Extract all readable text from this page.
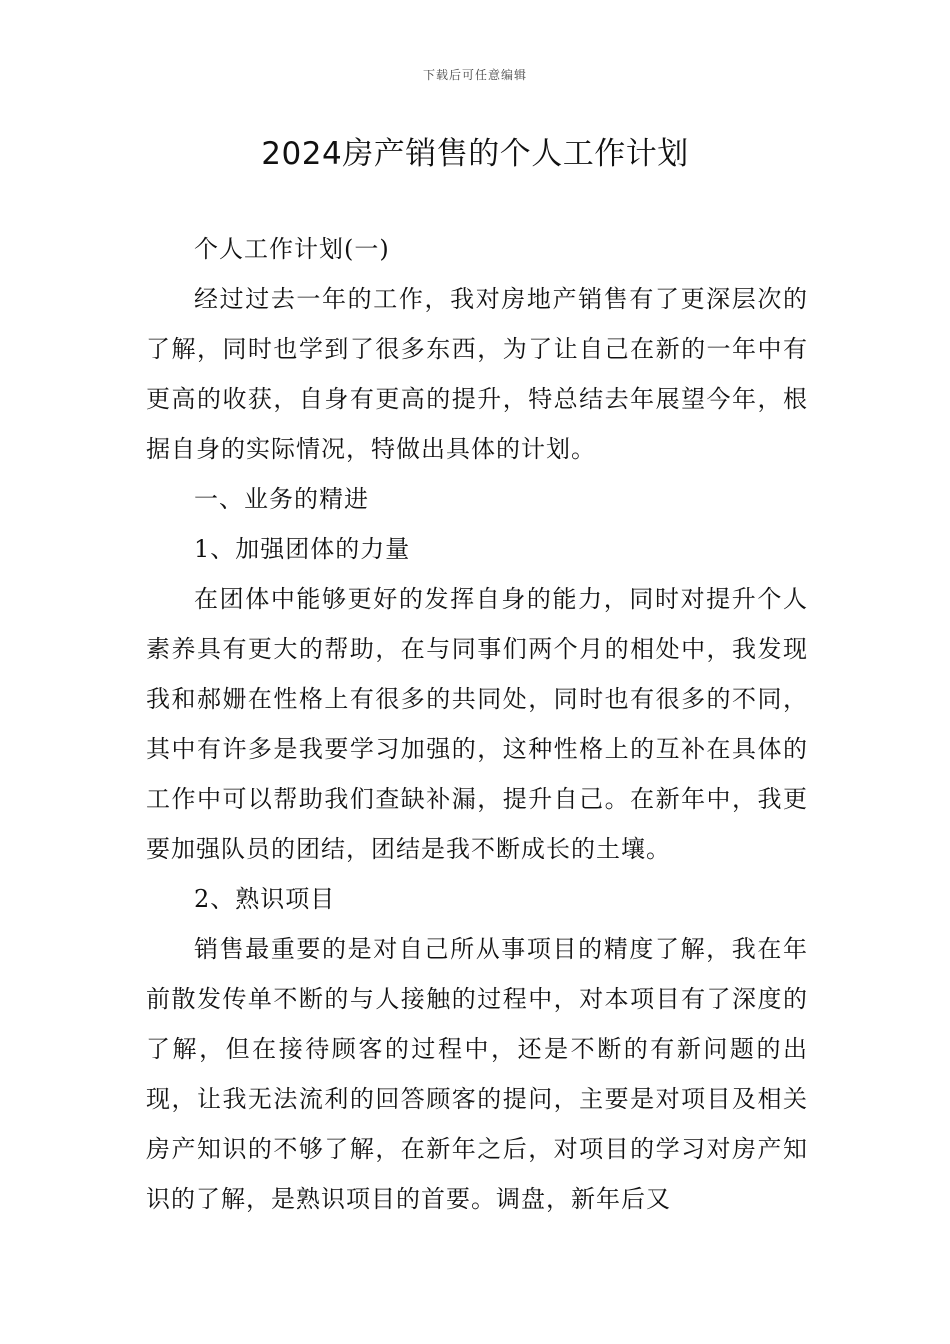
下载后可任意编辑
2024房产销售的个人工作计划

个人工作计划(一)

经过过去一年的工作，我对房地产销售有了更深层次的了解，同时也学到了很多东西，为了让自己在新的一年中有更高的收获，自身有更高的提升，特总结去年展望今年，根据自身的实际情况，特做出具体的计划。

一、业务的精进

1、加强团体的力量

在团体中能够更好的发挥自身的能力，同时对提升个人素养具有更大的帮助，在与同事们两个月的相处中，我发现我和郝姗在性格上有很多的共同处，同时也有很多的不同，其中有许多是我要学习加强的，这种性格上的互补在具体的工作中可以帮助我们查缺补漏，提升自己。在新年中，我更要加强队员的团结，团结是我不断成长的土壤。

2、熟识项目

销售最重要的是对自己所从事项目的精度了解，我在年前散发传单不断的与人接触的过程中，对本项目有了深度的了解，但在接待顾客的过程中，还是不断的有新问题的出现，让我无法流利的回答顾客的提问，主要是对项目及相关房产知识的不够了解，在新年之后，对项目的学习对房产知识的了解，是熟识项目的首要。调盘，新年后又
